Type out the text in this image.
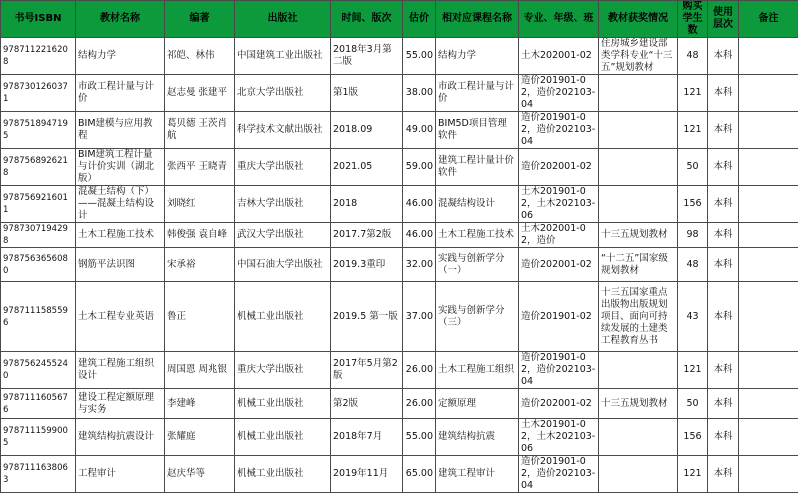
书号ISBN	教材名称	编著	出版社	时间、版次	估价	相对应课程名称	专业、年级、班	教材获奖情况	购买学生数	使用层次	备注
9787112216208	结构力学	祁皑、林伟	中国建筑工业出版社	2018年3月第二版	55.00	结构力学	土木202001-02	住房城乡建设部类学科专业“十三五”规划教材	48	本科	
9787301260371	市政工程计量与计价	赵志曼 张建平	北京大学出版社	第1版	38.00	市政工程计量与计价	造价201901-02，造价202103-04		121	本科	
9787518947195	BIM建模与应用教程	葛贝德 王茨肖航	科学技术文献出版社	2018.09	49.00	BIM5D项目管理软件	造价201901-02，造价202103-04		121	本科	
9787568926218	BIM建筑工程计量与计价实训（湖北版）	张西平 王晓青	重庆大学出版社	2021.05	59.00	建筑工程计量计价软件	造价202001-02		50	本科	
9787569216011	混凝土结构（下）——混凝土结构设计	刘晓红	吉林大学出版社	2018	46.00	混凝结构设计	土木201901-02，土木202103-06		156	本科	
9787307194298	土木工程施工技术	韩俊强 袁自峰	武汉大学出版社	2017.7第2版	46.00	土木工程施工技术	土木202001-02，造价	十三五规划教材	98	本科	
9787563656080	钢筋平法识图	宋承裕	中国石油大学出版社	2019.3重印	32.00	实践与创新学分（一）	造价202001-02	“十二五”国家级规划教材	48	本科	
9787111585596	土木工程专业英语	鲁正	机械工业出版社	2019.5 第一版	37.00	实践与创新学分（三）	造价201901-02	十三五国家重点出版物出版规划项目、面向可持续发展的土建类工程教育丛书	43	本科	
9787562455240	建筑工程施工组织设计	周国恩 周兆银	重庆大学出版社	2017年5月第2版	26.00	土木工程施工组织	造价201901-02，造价202103-04		121	本科	
9787111605676	建设工程定额原理与实务	李建峰	机械工业出版社	第2版	26.00	定额原理	造价202001-02	十三五规划教材	50	本科	
9787111599005	建筑结构抗震设计	张耀庭	机械工业出版社	2018年7月	55.00	建筑结构抗震	土木201901-02，土木202103-06		156	本科	
9787111638063	工程审计	赵庆华等	机械工业出版社	2019年11月	65.00	建筑工程审计	造价201901-02，造价202103-04		121	本科	
